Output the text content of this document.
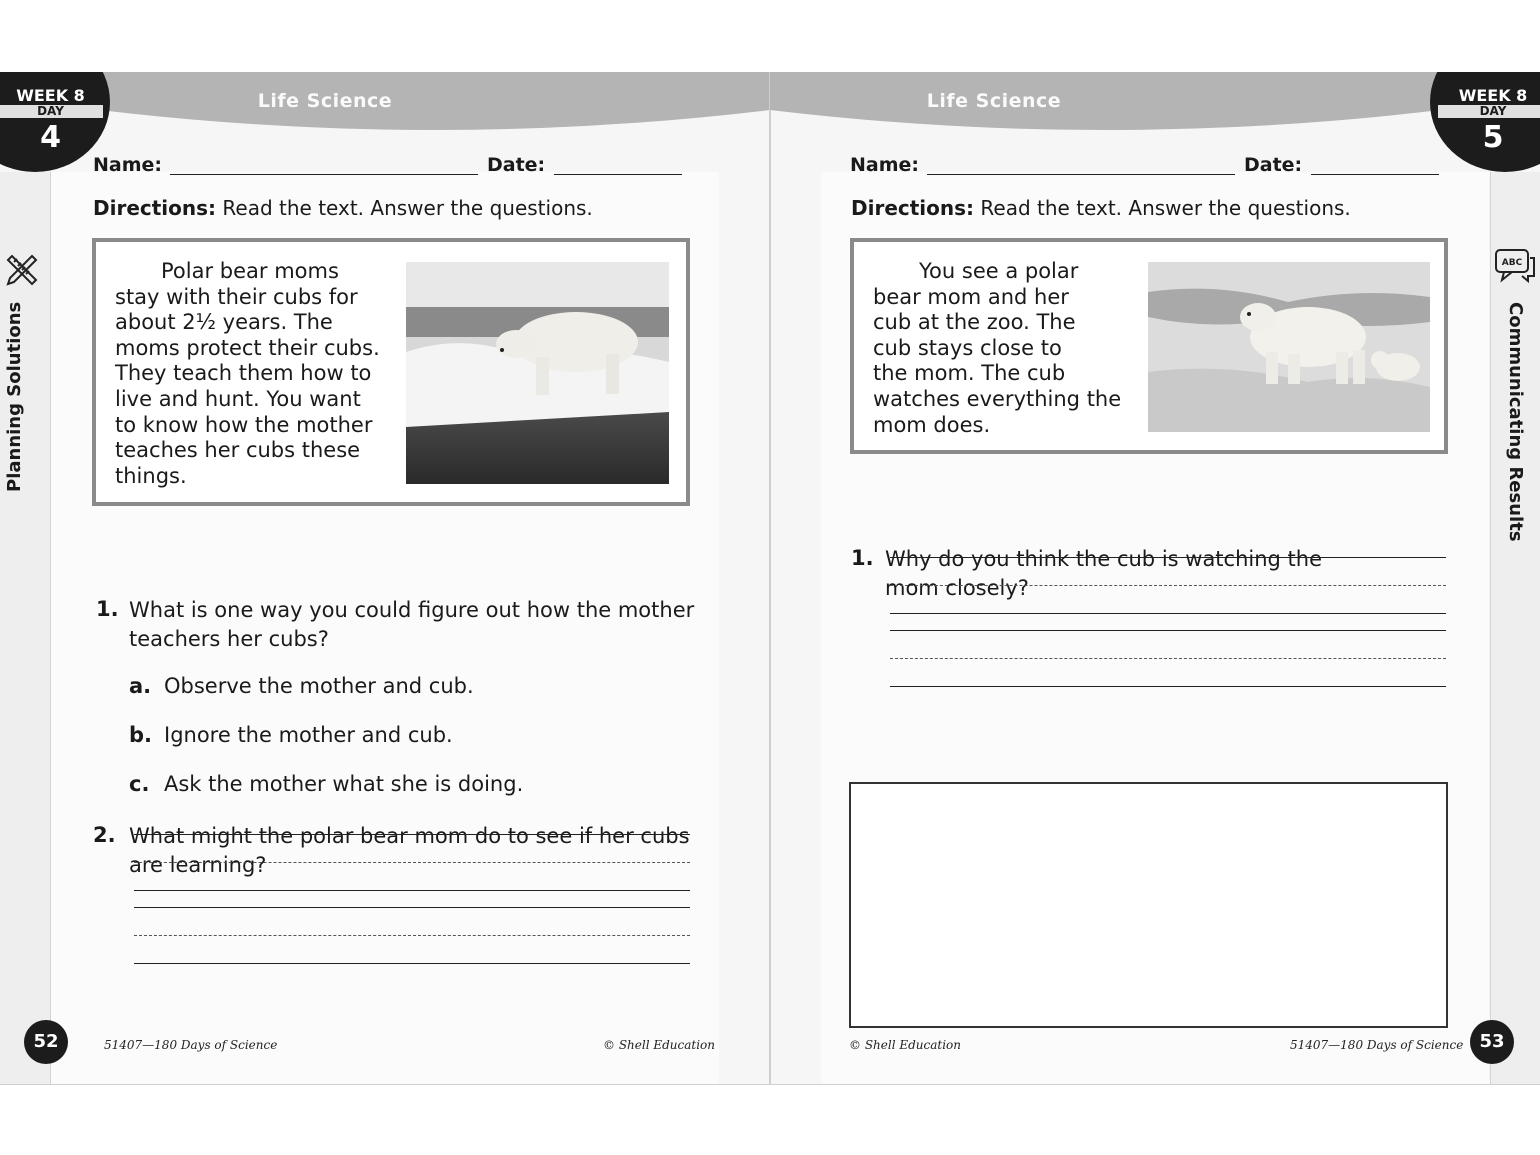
Planning Solutions
Life Science
WEEK 8
DAY
4
Name:	Date:
Directions: Read the text. Answer the questions.
Polar bear moms
stay with their cubs for
about 2½ years. The
moms protect their cubs.
They teach them how to
live and hunt. You want
to know how the mother
teaches her cubs these
things.
1. What is one way you could figure out how the mother
teachers her cubs?
a. Observe the mother and cub.
b. Ignore the mother and cub.
c. Ask the mother what she is doing.
2. What might the polar bear mom do to see if her cubs
are learning?
52	51407—180 Days of Science	© Shell Education
ABC
Communicating Results
Life Science	WEEK 8
DAY
5
Name:	Date:
Directions: Read the text. Answer the questions.
You see a polar
bear mom and her
cub at the zoo. The
cub stays close to
the mom. The cub
watches everything the
mom does.
1. Why do you think the cub is watching the
mom closely?
53
© Shell Education	51407—180 Days of Science
